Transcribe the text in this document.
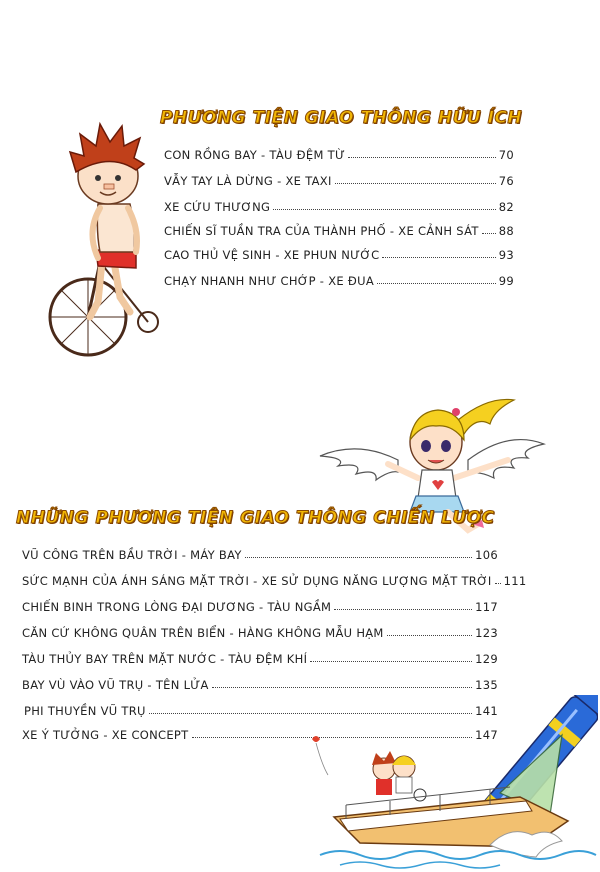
PHƯƠNG TIỆN GIAO THÔNG HỮU ÍCH
CON RỒNG BAY - TÀU ĐỆM TỪ	70
VẪY TAY LÀ DỪNG - XE TAXI	76
XE CỨU THƯƠNG	82
CHIẾN SĨ TUẦN TRA CỦA THÀNH PHỐ - XE CẢNH SÁT 88
CAO THỦ VỆ SINH - XE PHUN NƯỚC	93
CHẠY NHANH NHƯ CHỚP - XE ĐUA	99
NHỮNG PHƯƠNG TIỆN GIAO THÔNG CHIẾN LƯỢC
VŨ CÔNG TRÊN BẦU TRỜI - MÁY BAY	106
SỨC MẠNH CỦA ÁNH SÁNG MẶT TRỜI - XE SỬ DỤNG NĂNG LƯỢNG MẶT TRỜI 111
CHIẾN BINH TRONG LÒNG ĐẠI DƯƠNG - TÀU NGẦM	117
CĂN CỨ KHÔNG QUÂN TRÊN BIỂN - HÀNG KHÔNG MẪU HẠM	123
TÀU THỦY BAY TRÊN MẶT NƯỚC - TÀU ĐỆM KHÍ	129
BAY VÙ VÀO VŨ TRỤ - TÊN LỬA	135
PHI THUYỀN VŨ TRỤ	141
XE Ý TƯỞNG - XE CONCEPT	147
